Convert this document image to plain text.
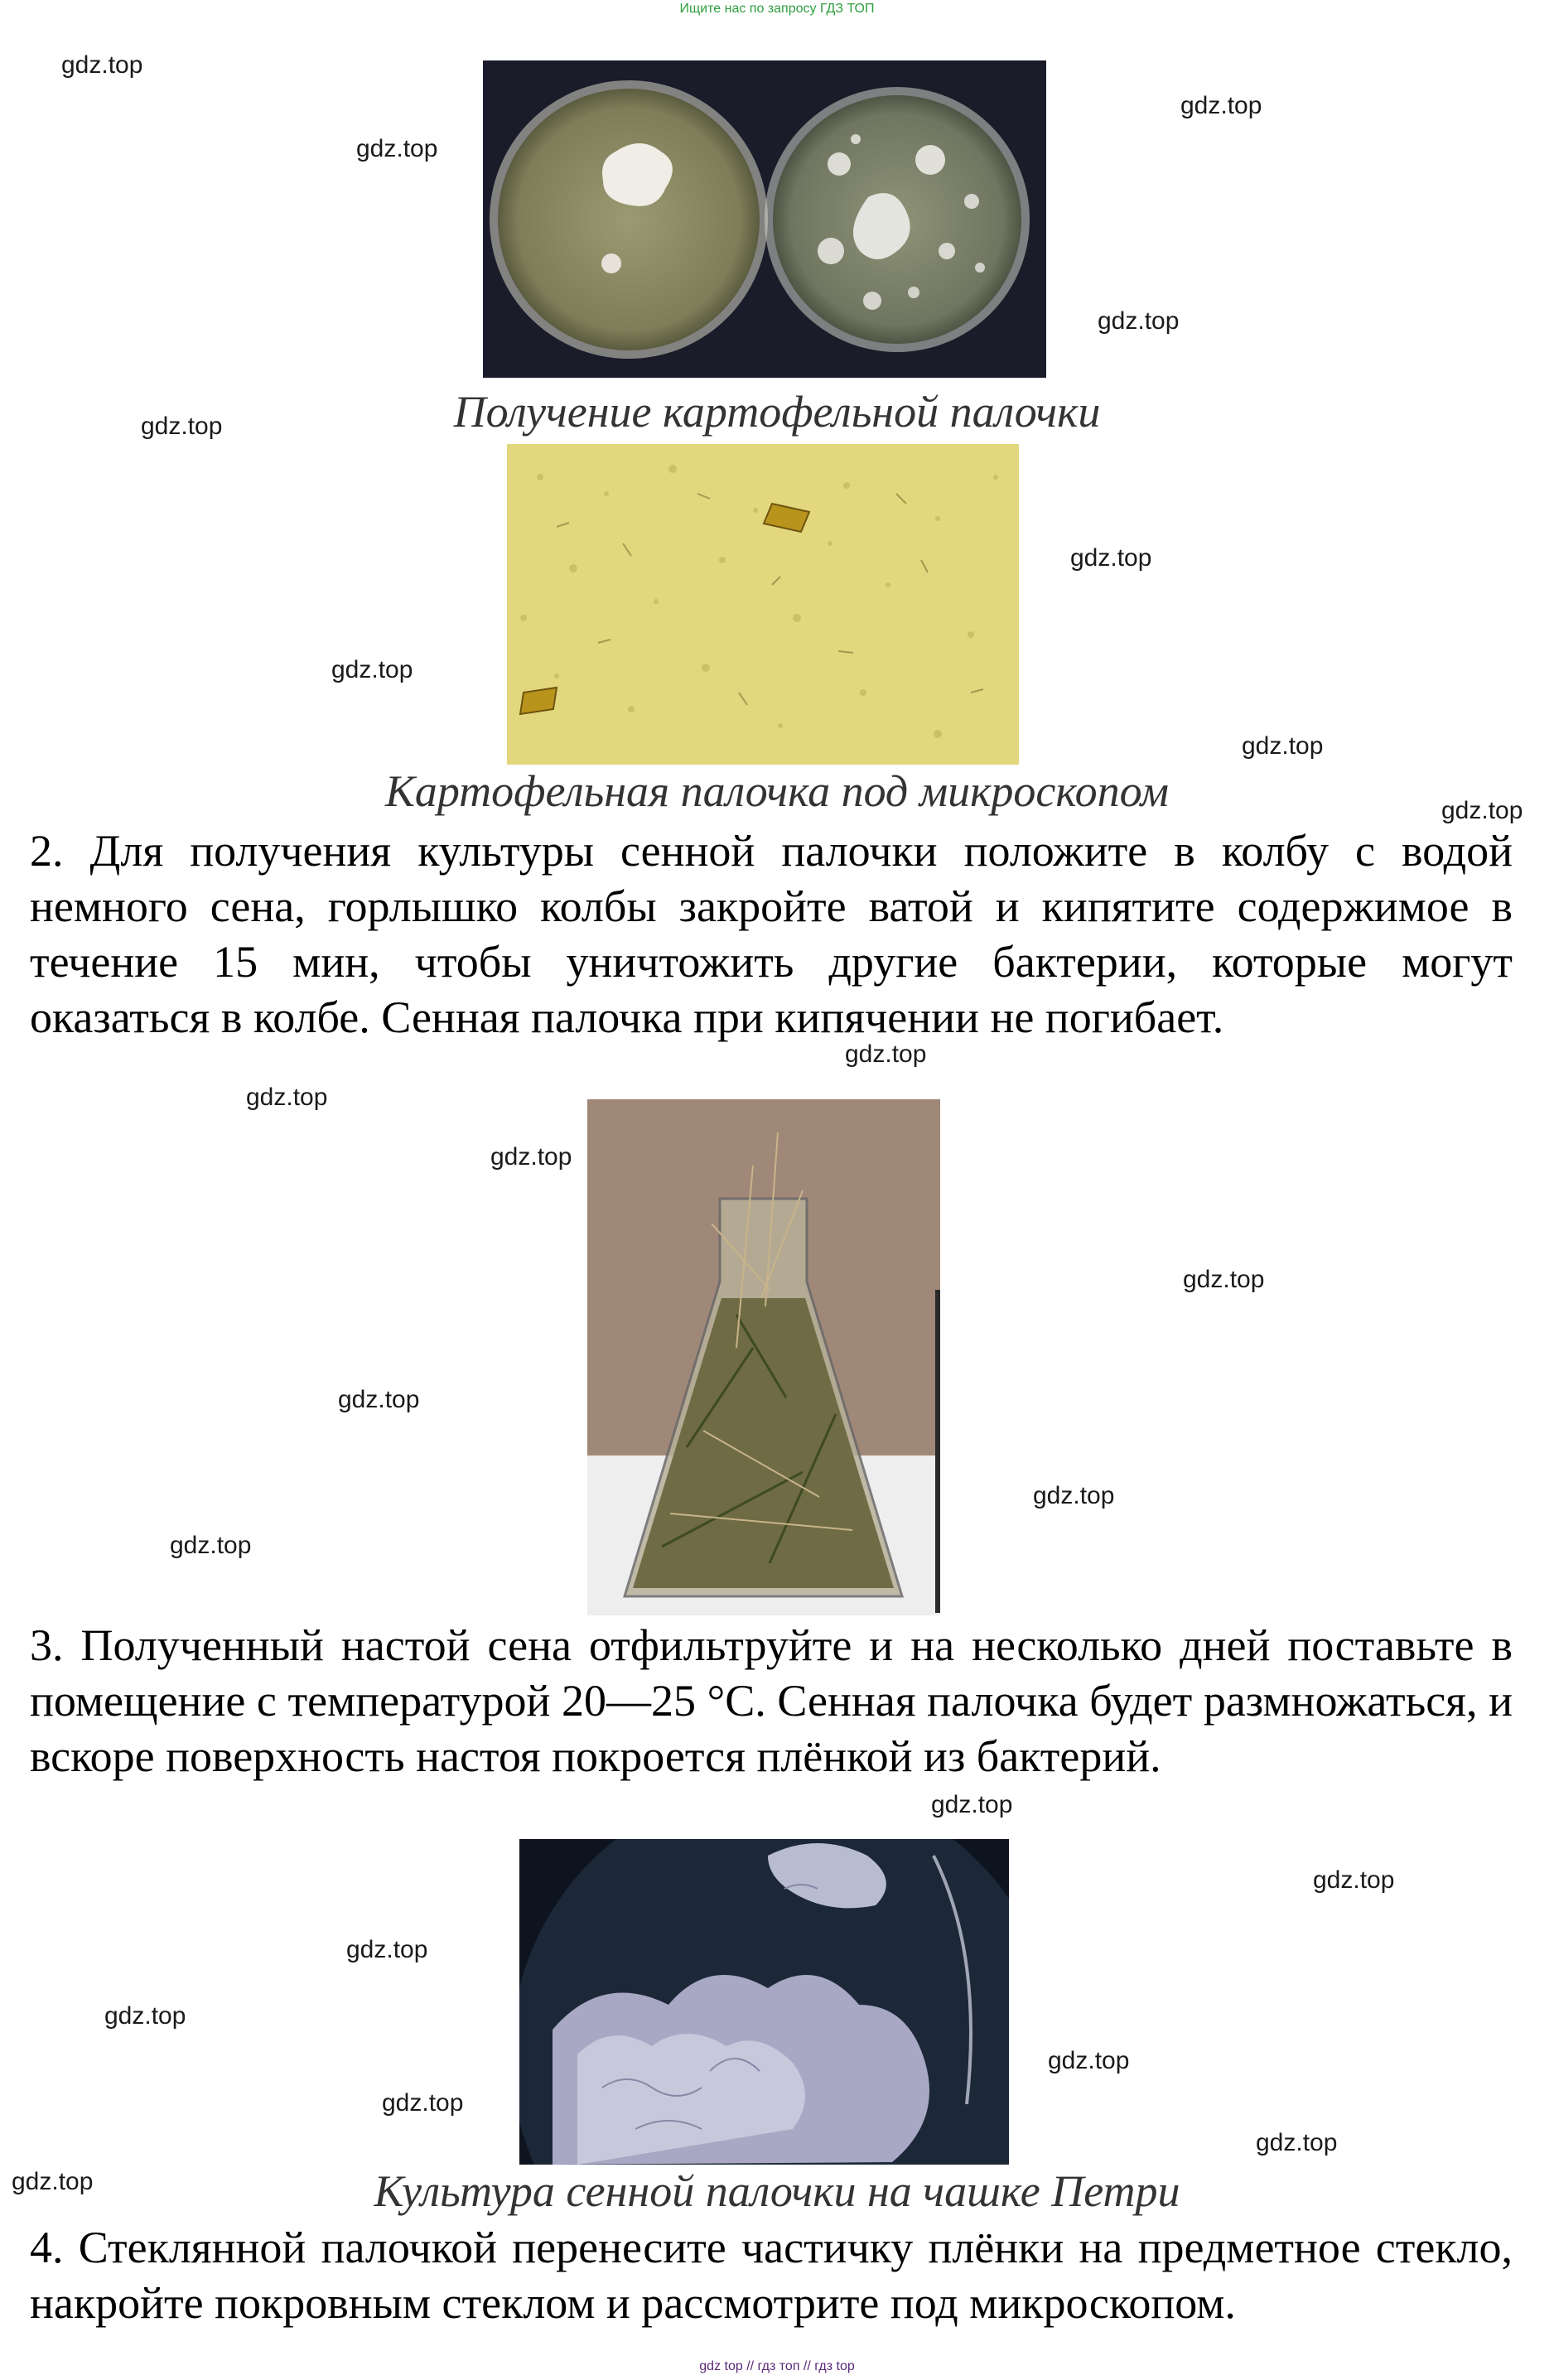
Ищите нас по запросу ГДЗ ТОП
gdz.top
gdz.top
gdz.top
gdz.top
gdz.top	Получение картофельной палочки
gdz.top
gdz.top
gdz.top
gdz.top
Картофельная палочка под микроскопом
2. Для получения культуры сенной палочки положите в колбу с водой немного сена, горлышко колбы закройте ватой и кипятите содержимое в течение 15 мин, чтобы уничтожить другие бактерии, которые могут оказаться в колбе. Сенная палочка при кипячении не погибает.
gdz.top
gdz.top
gdz.top
gdz.top
gdz.top
gdz.top
gdz.top
3. Полученный настой сена отфильтруйте и на несколько дней поставьте в помещение с температурой 20—25 °С. Сенная палочка будет размножаться, и вскоре поверхность настоя покроется плёнкой из бактерий.
gdz.top
gdz.top
gdz.top
gdz.top
gdz.top
gdz.top
gdz.top
gdz.top	Культура сенной палочки на чашке Петри
4. Стеклянной палочкой перенесите частичку плёнки на предметное стекло, накройте покровным стеклом и рассмотрите под микроскопом.
gdz top // гдз топ // гдз top
